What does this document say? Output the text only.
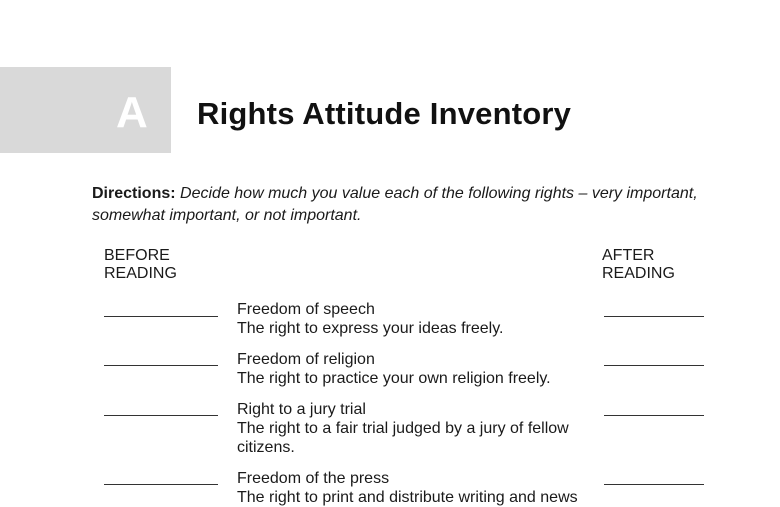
A Rights Attitude Inventory
Directions: Decide how much you value each of the following rights – very important, somewhat important, or not important.
BEFORE
READING
AFTER
READING
Freedom of speech
The right to express your ideas freely.
Freedom of religion
The right to practice your own religion freely.
Right to a jury trial
The right to a fair trial judged by a jury of fellow citizens.
Freedom of the press
The right to print and distribute writing and news
